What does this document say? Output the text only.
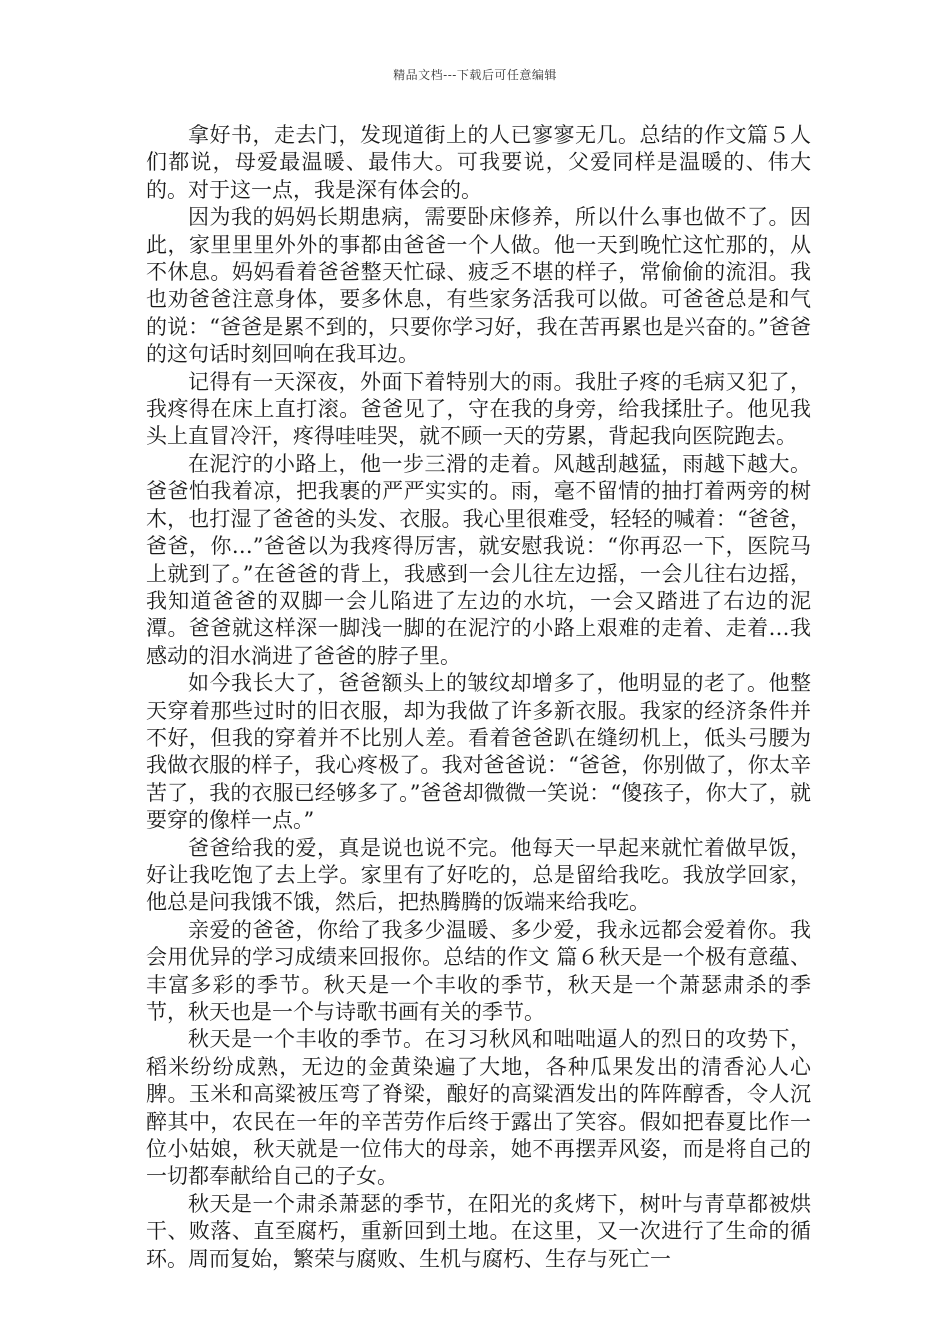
精品文档---下载后可任意编辑

拿好书，走去门，发现道街上的人已寥寥无几。总结的作文篇５人们都说，母爱最温暖、最伟大。可我要说，父爱同样是温暖的、伟大的。对于这一点，我是深有体会的。

因为我的妈妈长期患病，需要卧床修养，所以什么事也做不了。因此，家里里里外外的事都由爸爸一个人做。他一天到晚忙这忙那的，从不休息。妈妈看着爸爸整天忙碌、疲乏不堪的样子，常偷偷的流泪。我也劝爸爸注意身体，要多休息，有些家务活我可以做。可爸爸总是和气的说：“爸爸是累不到的，只要你学习好，我在苦再累也是兴奋的。”爸爸的这句话时刻回响在我耳边。

记得有一天深夜，外面下着特别大的雨。我肚子疼的毛病又犯了，我疼得在床上直打滚。爸爸见了，守在我的身旁，给我揉肚子。他见我头上直冒冷汗，疼得哇哇哭，就不顾一天的劳累，背起我向医院跑去。

在泥泞的小路上，他一步三滑的走着。风越刮越猛，雨越下越大。爸爸怕我着凉，把我裹的严严实实的。雨，毫不留情的抽打着两旁的树木，也打湿了爸爸的头发、衣服。我心里很难受，轻轻的喊着：“爸爸，爸爸，你…”爸爸以为我疼得厉害，就安慰我说：“你再忍一下，医院马上就到了。”在爸爸的背上，我感到一会儿往左边摇，一会儿往右边摇，我知道爸爸的双脚一会儿陷进了左边的水坑，一会又踏进了右边的泥潭。爸爸就这样深一脚浅一脚的在泥泞的小路上艰难的走着、走着…我感动的泪水淌进了爸爸的脖子里。

如今我长大了，爸爸额头上的皱纹却增多了，他明显的老了。他整天穿着那些过时的旧衣服，却为我做了许多新衣服。我家的经济条件并不好，但我的穿着并不比别人差。看着爸爸趴在缝纫机上，低头弓腰为我做衣服的样子，我心疼极了。我对爸爸说：“爸爸，你别做了，你太辛苦了，我的衣服已经够多了。”爸爸却微微一笑说：“傻孩子，你大了，就要穿的像样一点。”

爸爸给我的爱，真是说也说不完。他每天一早起来就忙着做早饭，好让我吃饱了去上学。家里有了好吃的，总是留给我吃。我放学回家，他总是问我饿不饿，然后，把热腾腾的饭端来给我吃。

亲爱的爸爸，你给了我多少温暖、多少爱，我永远都会爱着你。我会用优异的学习成绩来回报你。总结的作文 篇６秋天是一个极有意蕴、丰富多彩的季节。秋天是一个丰收的季节，秋天是一个萧瑟肃杀的季节，秋天也是一个与诗歌书画有关的季节。

秋天是一个丰收的季节。在习习秋风和咄咄逼人的烈日的攻势下，稻米纷纷成熟，无边的金黄染遍了大地，各种瓜果发出的清香沁人心脾。玉米和高粱被压弯了脊梁，酿好的高粱酒发出的阵阵醇香，令人沉醉其中，农民在一年的辛苦劳作后终于露出了笑容。假如把春夏比作一位小姑娘，秋天就是一位伟大的母亲，她不再摆弄风姿，而是将自己的一切都奉献给自己的子女。

秋天是一个肃杀萧瑟的季节，在阳光的炙烤下，树叶与青草都被烘干、败落、直至腐朽，重新回到土地。在这里，又一次进行了生命的循环。周而复始，繁荣与腐败、生机与腐朽、生存与死亡一
